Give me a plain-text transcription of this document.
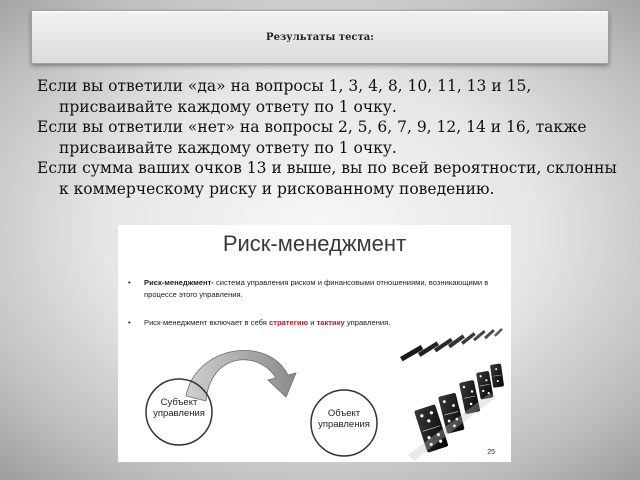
Результаты теста:

Если вы ответили «да» на вопросы 1, 3, 4, 8, 10, 11, 13 и 15, присваивайте каждому ответу по 1 очку.

Если вы ответили «нет» на вопросы 2, 5, 6, 7, 9, 12, 14 и 16, также присваивайте каждому ответу по 1 очку.

Если сумма ваших очков 13 и выше, вы по всей вероятности, склонны к коммерческому риску и рискованному поведению.

Риск-менеджмент
•	Риск-менеджмент- система управления риском и финансовыми отношениями, возникающими в процессе этого управления.
•	Риск-менеджмент включает в себя стратегию и тактику управления.
Субъект управления	Объект управления
25
